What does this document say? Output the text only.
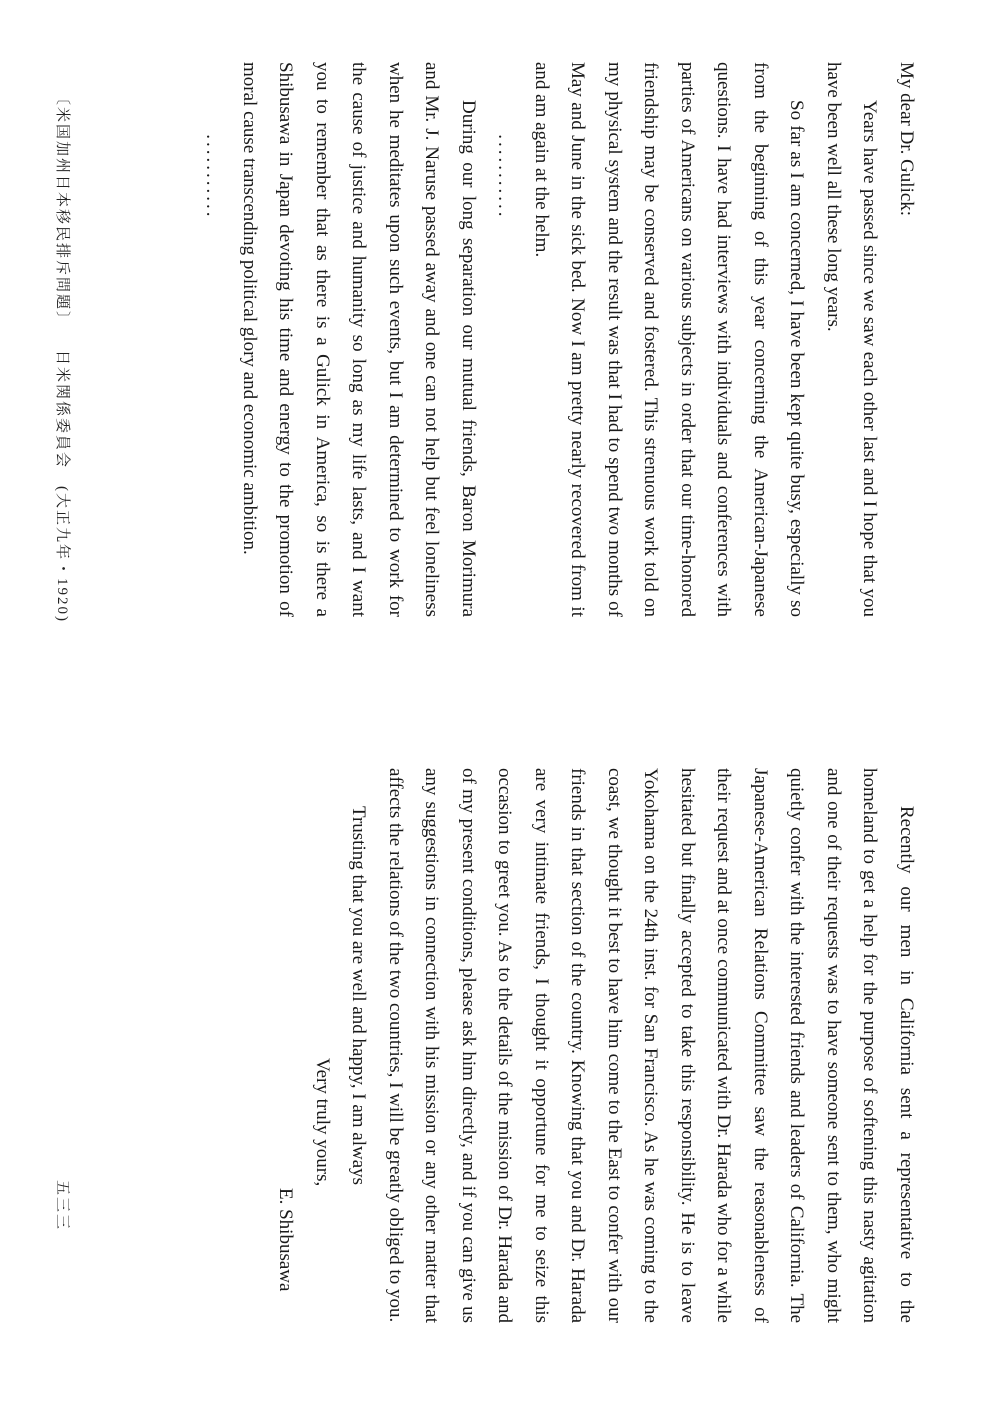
My dear Dr. Gulick:

Years have passed since we saw each other last and I hope that you have been well all these long years.

So far as I am concerned, I have been kept quite busy, especially so from the beginning of this year concerning the American-Japanese questions. I have had interviews with individuals and conferences with parties of Americans on various subjects in order that our time-honored friendship may be conserved and fostered. This strenuous work told on my physical system and the result was that I had to spend two months of May and June in the sick bed. Now I am pretty nearly recovered from it and am again at the helm.

...........

During our long separation our mutual friends, Baron Morimura and Mr. J. Naruse passed away and one can not help but feel loneliness when he meditates upon such events, but I am determined to work for the cause of justice and humanity so long as my life lasts, and I want you to remember that as there is a Gulick in America, so is there a Shibusawa in Japan devoting his time and energy to the promotion of moral cause transcending political glory and economic ambition.

...........

Recently our men in California sent a representative to the homeland to get a help for the purpose of softening this nasty agitation and one of their requests was to have someone sent to them, who might quietly confer with the interested friends and leaders of California. The Japanese-American Relations Committee saw the reasonableness of their request and at once communicated with Dr. Harada who for a while hesitated but finally accepted to take this responsibility. He is to leave Yokohama on the 24th inst. for San Francisco. As he was coming to the coast, we thought it best to have him come to the East to confer with our friends in that section of the country. Knowing that you and Dr. Harada are very intimate friends, I thought it opportune for me to seize this occasion to greet you. As to the details of the mission of Dr. Harada and of my present conditions, please ask him directly, and if you can give us any suggestions in connection with his mission or any other matter that affects the relations of the two countries, I will be greatly obliged to you.

Trusting that you are well and happy, I am always

Very truly yours,

E. Shibusawa

〔米国加州日本移民排斥問題〕
日米関係委員会　(大正九年・1920)
五三三
